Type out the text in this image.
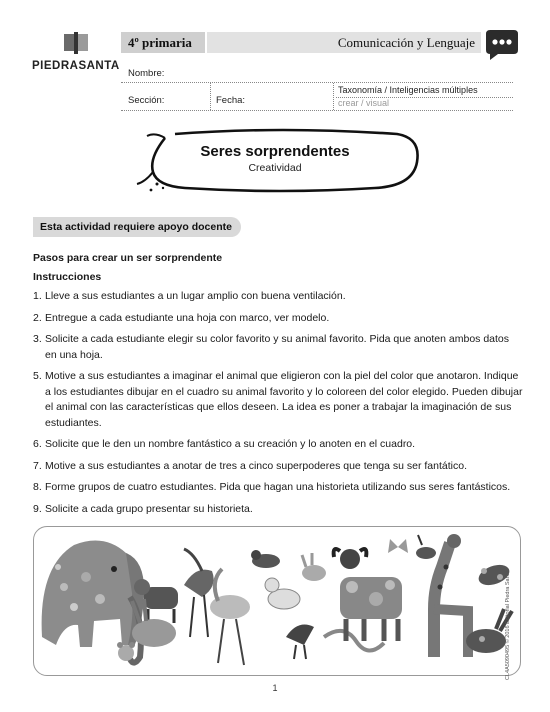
PIEDRASANTA
4º primaria	Comunicación y Lenguaje
Nombre:
Sección:	Fecha:
Taxonomía / Inteligencias múltiples
crear / visual
Seres sorprendentes
Creatividad
Esta actividad requiere apoyo docente
Pasos para crear un ser sorprendente
Instrucciones
1. Lleve a sus estudiantes a un lugar amplio con buena ventilación.
2. Entregue a cada estudiante una hoja con marco, ver modelo.
3. Solicite a cada estudiante elegir su color favorito y su animal favorito. Pida que anoten ambos datos en una hoja.
5. Motive a sus estudiantes a imaginar el animal que eligieron con la piel del color que anotaron. Indique a los estudiantes dibujar en el cuadro su animal favorito y lo coloreen del color elegido. Pueden dibujar el animal con las características que ellos deseen. La idea es poner a trabajar la imaginación de sus estudiantes.
6. Solicite que le den un nombre fantástico a su creación y lo anoten en el cuadro.
7. Motive a sus estudiantes a anotar de tres a cinco superpoderes que tenga su ser fantático.
8. Forme grupos de cuatro estudiantes. Pida que hagan una historieta utilizando sus seres fantásticos.
9. Solicite a cada grupo presentar su historieta.
CL4A5090495 © 2016 Editorial Piedra Santa
1
